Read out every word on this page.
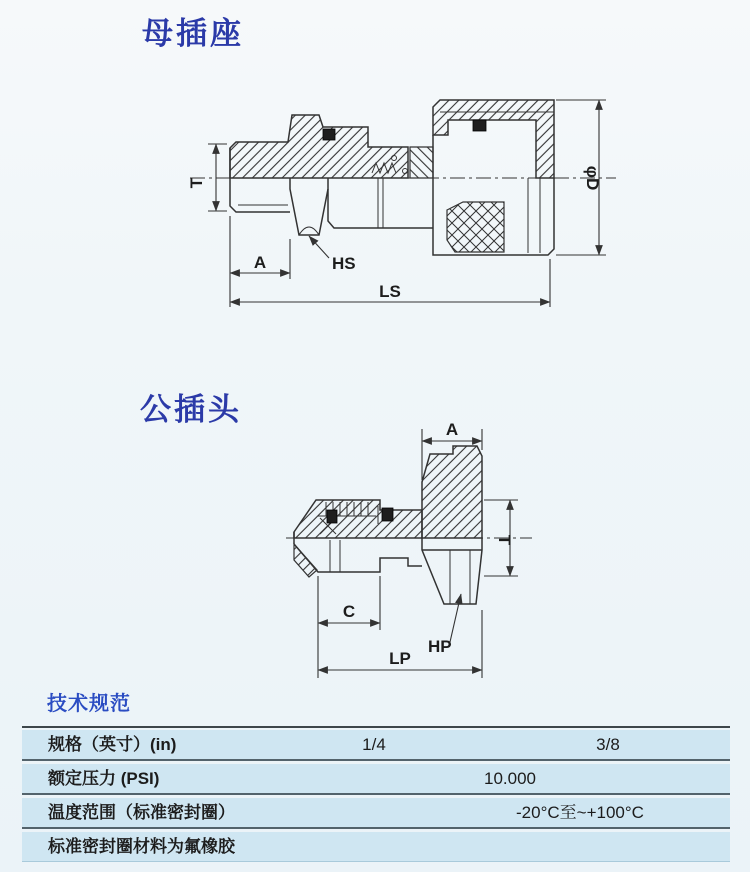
母插座
T
A	HS
LS
φD
公插头
A
T
C
HP
LP
技术规范
规格（英寸）(in)	1/4	3/8
额定压力 (PSI)	10.000
温度范围（标准密封圈）	-20°C至~+100°C
标准密封圈材料为氟橡胶
